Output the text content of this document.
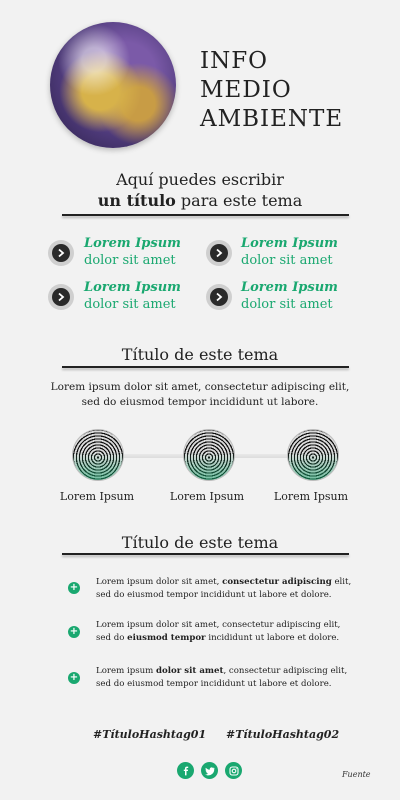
INFO
MEDIO
AMBIENTE
Aquí puedes escribir
un título para este tema
Lorem Ipsum
dolor sit amet
Lorem Ipsum
dolor sit amet
Lorem Ipsum
dolor sit amet
Lorem Ipsum
dolor sit amet
Título de este tema
Lorem ipsum dolor sit amet, consectetur adipiscing elit,
sed do eiusmod tempor incididunt ut labore.
Lorem Ipsum	Lorem Ipsum	Lorem Ipsum
Título de este tema
+ Lorem ipsum dolor sit amet, consectetur adipiscing elit,
sed do eiusmod tempor incididunt ut labore et dolore.
+
Lorem ipsum dolor sit amet, consectetur adipiscing elit,
sed do eiusmod tempor incididunt ut labore et dolore.
+
Lorem ipsum dolor sit amet, consectetur adipiscing elit,
sed do eiusmod tempor incididunt ut labore et dolore.
#TítuloHashtag01 #TítuloHashtag02
Fuente
